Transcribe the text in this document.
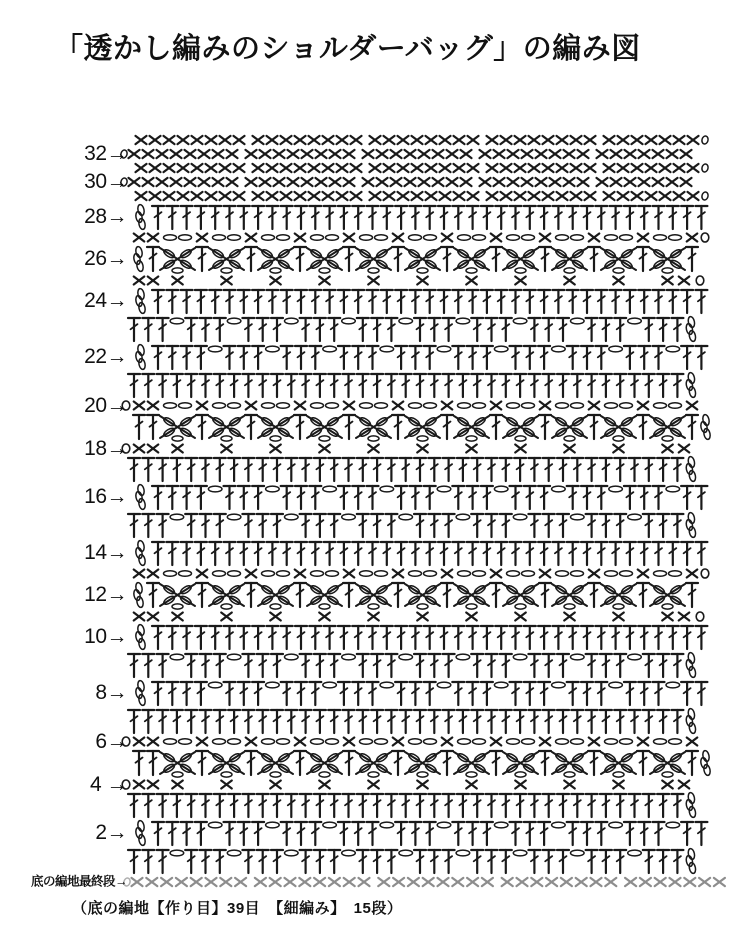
「透かし編みのショルダーバッグ」の編み図
32→
30→
28→
26→
24→
22→
20→
18→
16→
14→
12→
10→
8→
6→
4 →
2→
底の編地最終段→
（底の編地【作り目】39目　【細編み】　15段）
